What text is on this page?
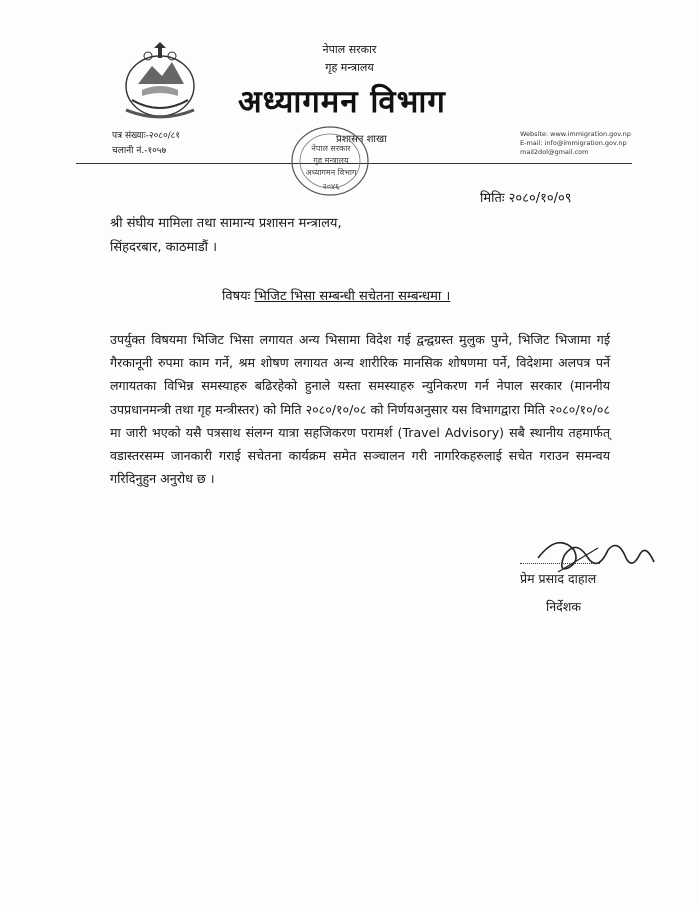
नेपाल सरकार
गृह मन्त्रालय
अध्यागमन विभाग
पत्र संख्याः-२०८०/८१
चलानी नं.-१०५७
प्रशासन शाखा	Website: www.immigration.gov.np
E-mail: info@immigration.gov.np
mail2dol@gmail.com
नेपाल सरकार
गृह मन्त्रालय
अध्यागमन विभाग
२०४६
मितिः २०८०/१०/०९
श्री संघीय मामिला तथा सामान्य प्रशासन मन्त्रालय,
सिंहदरबार, काठमाडौं ।
विषयः भिजिट भिसा सम्बन्धी सचेतना सम्बन्धमा ।
उपर्युक्त विषयमा भिजिट भिसा लगायत अन्य भिसामा विदेश गई द्वन्द्वग्रस्त मुलुक पुग्ने, भिजिट भिजामा गई गैरकानूनी रुपमा काम गर्ने, श्रम शोषण लगायत अन्य शारीरिक मानसिक शोषणमा पर्ने, विदेशमा अलपत्र पर्ने लगायतका विभिन्न समस्याहरु बढिरहेको हुनाले यस्ता समस्याहरु न्युनिकरण गर्न नेपाल सरकार (माननीय उपप्रधानमन्त्री तथा गृह मन्त्रीस्तर) को मिति २०८०/१०/०८ को निर्णयअनुसार यस विभागद्वारा मिति २०८०/१०/०८ मा जारी भएको यसै पत्रसाथ संलग्न यात्रा सहजिकरण परामर्श (Travel Advisory) सबै स्थानीय तहमार्फत् वडास्तरसम्म जानकारी गराई सचेतना कार्यक्रम समेत सञ्चालन गरी नागरिकहरुलाई सचेत गराउन समन्वय गरिदिनुहुन अनुरोध छ ।
प्रेम प्रसाद दाहाल
निर्देशक
